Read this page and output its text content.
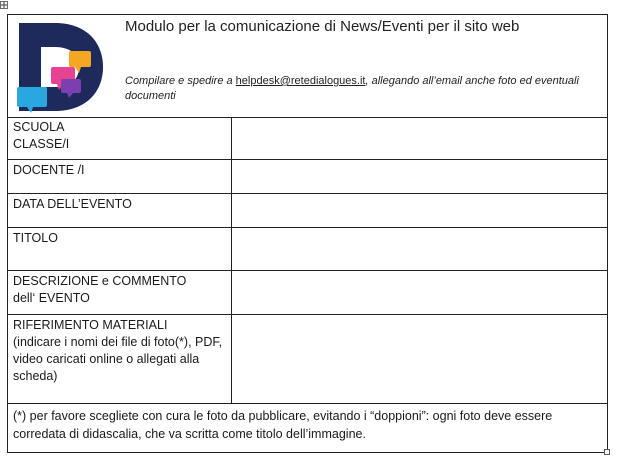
Modulo per la comunicazione di News/Eventi per il sito web
Compilare e spedire a helpdesk@retedialogues.it, allegando all’email anche foto ed eventuali documenti
SCUOLA
CLASSE/I
DOCENTE /I
DATA DELL’EVENTO
TITOLO
DESCRIZIONE e COMMENTO
dell‘ EVENTO
RIFERIMENTO MATERIALI
(indicare i nomi dei file di foto(*), PDF, video caricati online o allegati alla scheda)
(*) per favore scegliete con cura le foto da pubblicare, evitando i “doppioni”: ogni foto deve essere corredata di didascalia, che va scritta come titolo dell’immagine.
